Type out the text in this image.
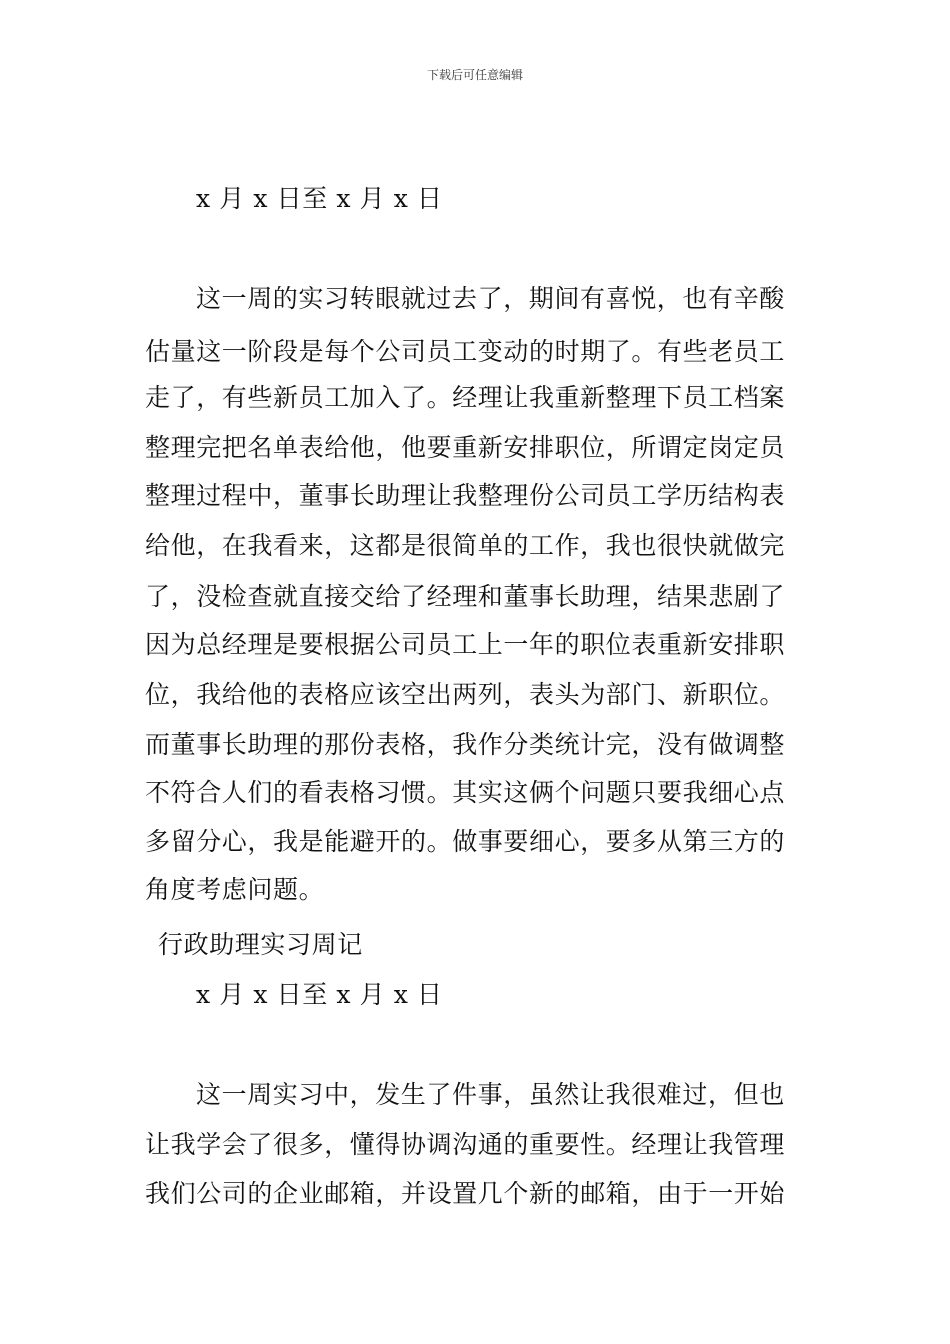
下载后可任意编辑
x 月 x 日至 x 月 x 日
这一周的实习转眼就过去了，期间有喜悦，也有辛酸
估量这一阶段是每个公司员工变动的时期了。有些老员工
走了，有些新员工加入了。经理让我重新整理下员工档案
整理完把名单表给他，他要重新安排职位，所谓定岗定员
整理过程中，董事长助理让我整理份公司员工学历结构表
给他，在我看来，这都是很简单的工作，我也很快就做完
了，没检查就直接交给了经理和董事长助理，结果悲剧了
因为总经理是要根据公司员工上一年的职位表重新安排职
位，我给他的表格应该空出两列，表头为部门、新职位。
而董事长助理的那份表格，我作分类统计完，没有做调整
不符合人们的看表格习惯。其实这俩个问题只要我细心点
多留分心，我是能避开的。做事要细心，要多从第三方的
角度考虑问题。
行政助理实习周记
x 月 x 日至 x 月 x 日
这一周实习中，发生了件事，虽然让我很难过，但也
让我学会了很多，懂得协调沟通的重要性。经理让我管理
我们公司的企业邮箱，并设置几个新的邮箱，由于一开始
